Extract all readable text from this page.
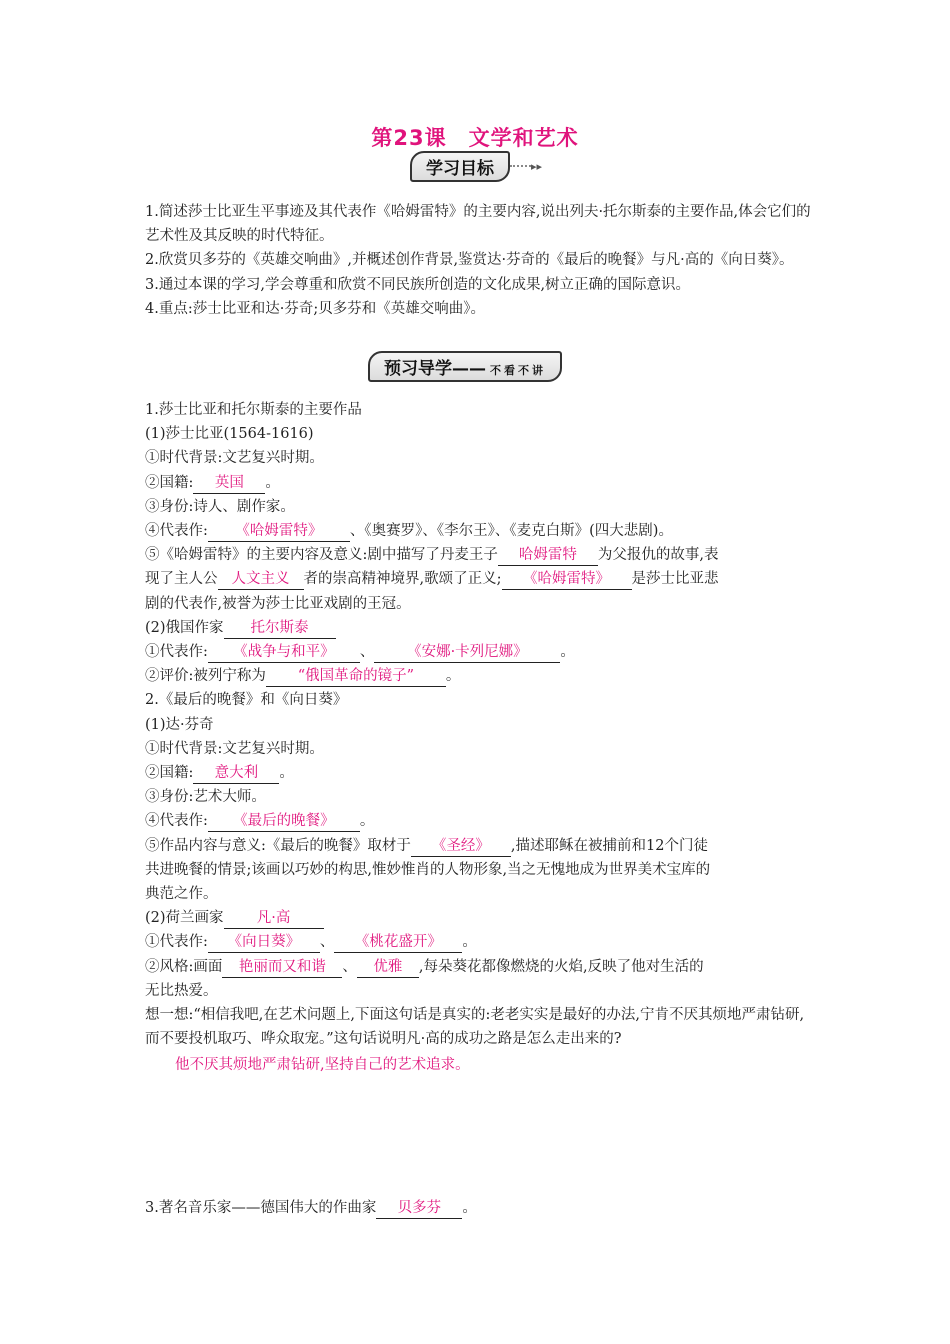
第23课　文学和艺术
学习目标	▸▸
1.简述莎士比亚生平事迹及其代表作《哈姆雷特》的主要内容,说出列夫·托尔斯泰的主要作品,体会它们的艺术性及其反映的时代特征。
2.欣赏贝多芬的《英雄交响曲》,并概述创作背景,鉴赏达·芬奇的《最后的晚餐》与凡·高的《向日葵》。
3.通过本课的学习,学会尊重和欣赏不同民族所创造的文化成果,树立正确的国际意识。
4.重点:莎士比亚和达·芬奇;贝多芬和《英雄交响曲》。
预习导学—— 不看不讲
1.莎士比亚和托尔斯泰的主要作品
(1)莎士比亚(1564-1616)
①时代背景:文艺复兴时期。
②国籍: 英国 。
③身份:诗人、剧作家。
④代表作: 《哈姆雷特》 、《奥赛罗》、《李尔王》、《麦克白斯》(四大悲剧)。
⑤《哈姆雷特》的主要内容及意义:剧中描写了丹麦王子 哈姆雷特 为父报仇的故事,表
现了主人公 人文主义 者的崇高精神境界,歌颂了正义; 《哈姆雷特》 是莎士比亚悲
剧的代表作,被誉为莎士比亚戏剧的王冠。
(2)俄国作家 托尔斯泰
①代表作: 《战争与和平》 、 《安娜·卡列尼娜》 。
②评价:被列宁称为 “俄国革命的镜子” 。
2.《最后的晚餐》和《向日葵》
(1)达·芬奇
①时代背景:文艺复兴时期。
②国籍: 意大利 。
③身份:艺术大师。
④代表作: 《最后的晚餐》 。
⑤作品内容与意义:《最后的晚餐》取材于 《圣经》 ,描述耶稣在被捕前和12个门徒
共进晚餐的情景;该画以巧妙的构思,惟妙惟肖的人物形象,当之无愧地成为世界美术宝库的
典范之作。
(2)荷兰画家 凡·高
①代表作: 《向日葵》 、 《桃花盛开》 。
②风格:画面 艳丽而又和谐 、 优雅 ,每朵葵花都像燃烧的火焰,反映了他对生活的
无比热爱。
想一想:“相信我吧,在艺术问题上,下面这句话是真实的:老老实实是最好的办法,宁肯不厌其烦地严肃钻研,而不要投机取巧、哗众取宠。”这句话说明凡·高的成功之路是怎么走出来的?
他不厌其烦地严肃钻研,坚持自己的艺术追求。
3.著名音乐家——德国伟大的作曲家 贝多芬 。
